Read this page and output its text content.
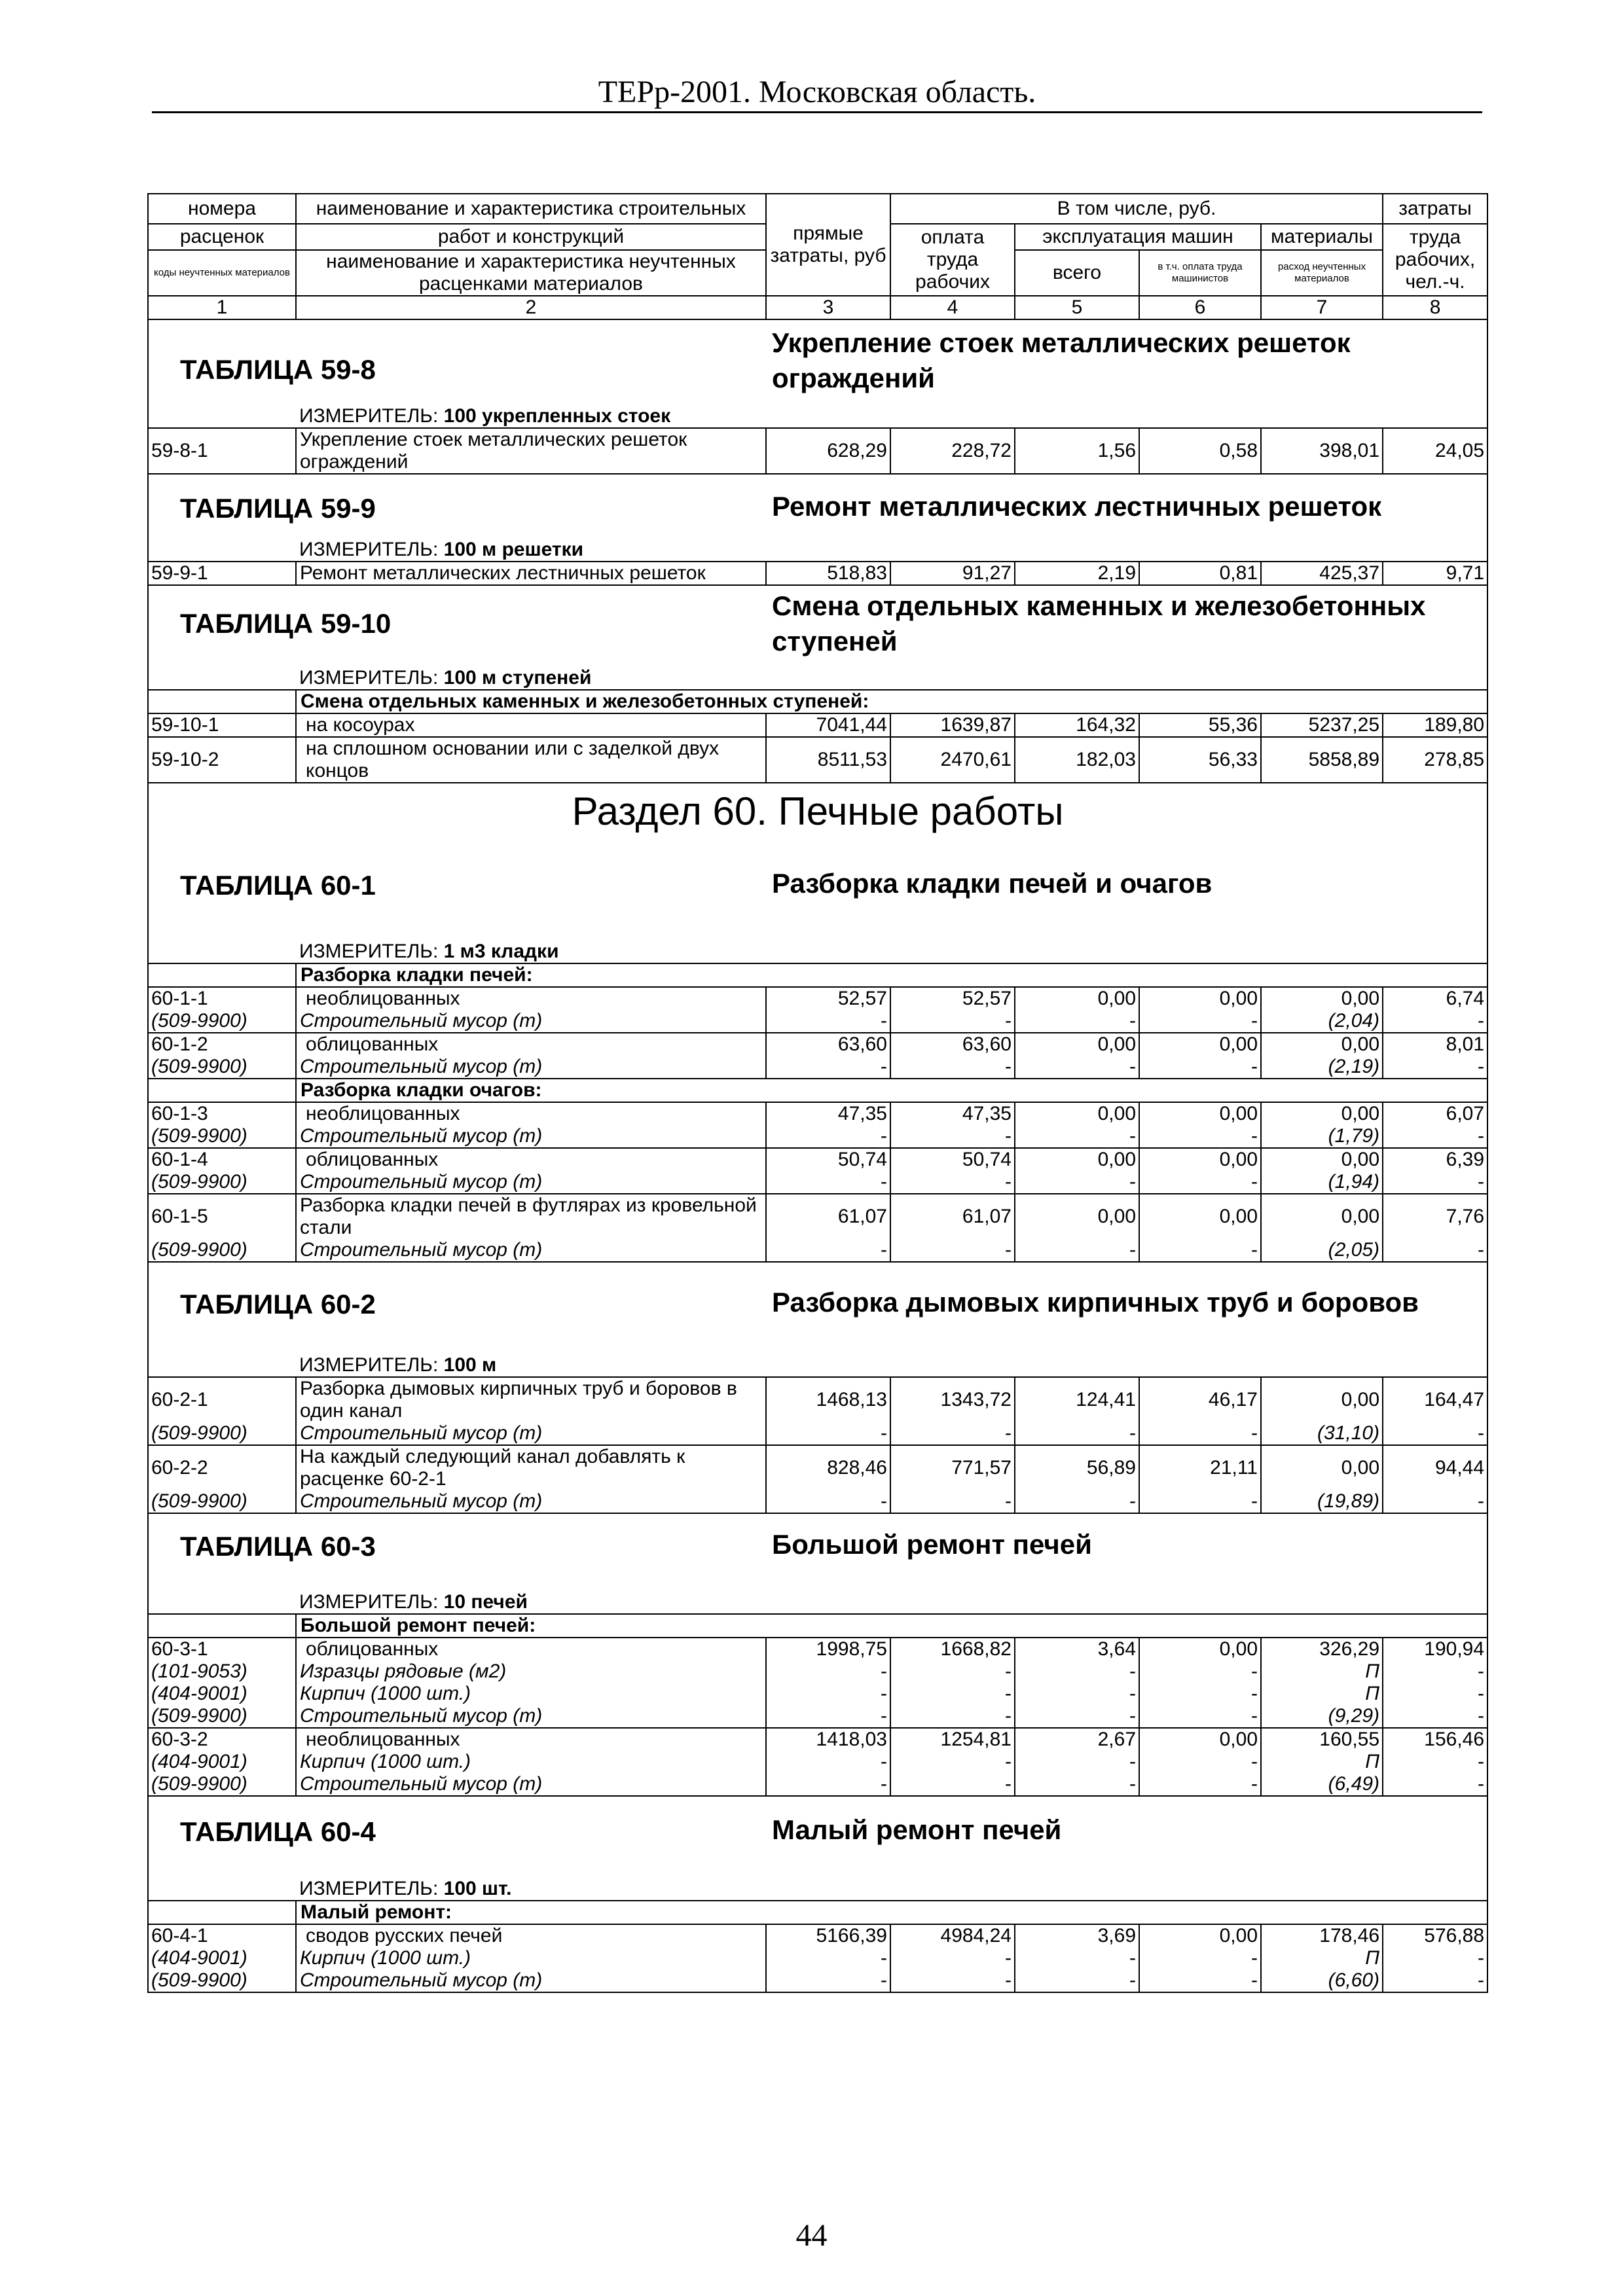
ТЕРр-2001. Московская область.
номера	наименование и характеристика строительных	прямые затраты, руб	В том числе, руб.				затраты
расценок	работ и конструкций		оплата труда рабочих	эксплуатация машин		материалы	труда рабочих, чел.-ч.
коды неучтенных материалов	наименование и характеристика неучтенных расценками материалов			всего	в т.ч. оплата труда машинистов	расход неучтенных материалов	
1	2	3	4	5	6	7	8

ТАБЛИЦА 59-8
Укрепление стоек металлических решеток ограждений							

ИЗМЕРИТЕЛЬ: 100 укрепленных стоек							
59-8-1	Укрепление стоек металлических решеток ограждений	628,29	228,72	1,56	0,58	398,01	24,05

ТАБЛИЦА 59-9 Ремонт металлических лестничных решеток							

ИЗМЕРИТЕЛЬ: 100 м решетки							
59-9-1	Ремонт металлических лестничных решеток	518,83	91,27	2,19	0,81	425,37	9,71

ТАБЛИЦА 59-10
Смена отдельных каменных и железобетонных ступеней							

ИЗМЕРИТЕЛЬ: 100 м ступеней							
	Смена отдельных каменных и железобетонных ступеней:						
59-10-1	на косоурах	7041,44	1639,87	164,32	55,36	5237,25	189,80
59-10-2	на сплошном основании или с заделкой двух концов	8511,53	2470,61	182,03	56,33	5858,89	278,85

Раздел 60. Печные работы
ТАБЛИЦА 60-1 Разборка кладки печей и очагов							

ИЗМЕРИТЕЛЬ: 1 м3 кладки							
	Разборка кладки печей:						
60-1-1	необлицованных	52,57	52,57	0,00	0,00	0,00	6,74
(509-9900)	Строительный мусор (т)	-	-	-	-	(2,04)	-
60-1-2	облицованных	63,60	63,60	0,00	0,00	0,00	8,01
(509-9900)	Строительный мусор (т)	-	-	-	-	(2,19)	-
	Разборка кладки очагов:						
60-1-3	необлицованных	47,35	47,35	0,00	0,00	0,00	6,07
(509-9900)	Строительный мусор (т)	-	-	-	-	(1,79)	-
60-1-4	облицованных	50,74	50,74	0,00	0,00	0,00	6,39
(509-9900)	Строительный мусор (т)	-	-	-	-	(1,94)	-
60-1-5	Разборка кладки печей в футлярах из кровельной стали	61,07	61,07	0,00	0,00	0,00	7,76
(509-9900)	Строительный мусор (т)	-	-	-	-	(2,05)	-

ТАБЛИЦА 60-2 Разборка дымовых кирпичных труб и боровов							

ИЗМЕРИТЕЛЬ: 100 м							
60-2-1	Разборка дымовых кирпичных труб и боровов в один канал	1468,13	1343,72	124,41	46,17	0,00	164,47
(509-9900)	Строительный мусор (т)	-	-	-	-	(31,10)	-
60-2-2	На каждый следующий канал добавлять к расценке 60-2-1	828,46	771,57	56,89	21,11	0,00	94,44
(509-9900)	Строительный мусор (т)	-	-	-	-	(19,89)	-

ТАБЛИЦА 60-3 Большой ремонт печей							

ИЗМЕРИТЕЛЬ: 10 печей							
	Большой ремонт печей:						
60-3-1	облицованных	1998,75	1668,82	3,64	0,00	326,29	190,94
(101-9053)	Изразцы рядовые (м2)	-	-	-	-	П	-
(404-9001)	Кирпич (1000 шт.)	-	-	-	-	П	-
(509-9900)	Строительный мусор (т)	-	-	-	-	(9,29)	-
60-3-2	необлицованных	1418,03	1254,81	2,67	0,00	160,55	156,46
(404-9001)	Кирпич (1000 шт.)	-	-	-	-	П	-
(509-9900)	Строительный мусор (т)	-	-	-	-	(6,49)	-

ТАБЛИЦА 60-4 Малый ремонт печей							

ИЗМЕРИТЕЛЬ: 100 шт.							
	Малый ремонт:						
60-4-1	сводов русских печей	5166,39	4984,24	3,69	0,00	178,46	576,88
(404-9001)	Кирпич (1000 шт.)	-	-	-	-	П	-
(509-9900)	Строительный мусор (т)	-	-	-	-	(6,60)	-
44
